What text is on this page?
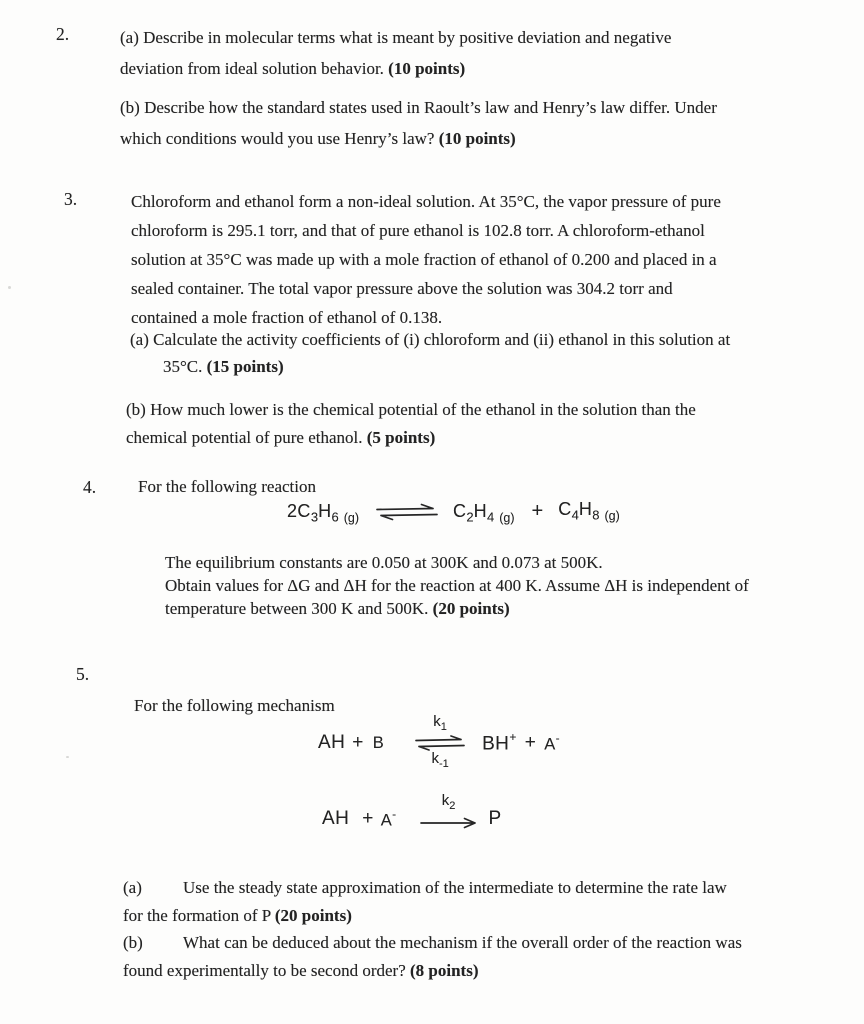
2.	(a) Describe in molecular terms what is meant by positive deviation and negative
deviation from ideal solution behavior. (10 points)
(b) Describe how the standard states used in Raoult’s law and Henry’s law differ. Under
which conditions would you use Henry’s law? (10 points)
3.	Chloroform and ethanol form a non-ideal solution. At 35°C, the vapor pressure of pure
chloroform is 295.1 torr, and that of pure ethanol is 102.8 torr. A chloroform-ethanol
solution at 35°C was made up with a mole fraction of ethanol of 0.200 and placed in a
sealed container. The total vapor pressure above the solution was 304.2 torr and
contained a mole fraction of ethanol of 0.138.
(a) Calculate the activity coefficients of (i) chloroform and (ii) ethanol in this solution at
35°C. (15 points)
(b) How much lower is the chemical potential of the ethanol in the solution than the
chemical potential of pure ethanol. (5 points)
4. For the following reaction
$2C_3H_6$ $_{(g)}$ ⇌ $C_2H_4$ $_{(g)} + C_4H_8$ $_{(g)}$
The equilibrium constants are 0.050 at 300K and 0.073 at 500K.
Obtain values for ΔG and ΔH for the reaction at 400 K. Assume ΔH is independent of
temperature between 300 K and 500K. (20 points)
5.
For the following mechanism
AH + B
$k_1$
$k_{-1}$
BH+ + A-
AH + A-
$k_2$
P
(a) Use the steady state approximation of the intermediate to determine the rate law
for the formation of P (20 points)
(b) What can be deduced about the mechanism if the overall order of the reaction was
found experimentally to be second order? (8 points)
